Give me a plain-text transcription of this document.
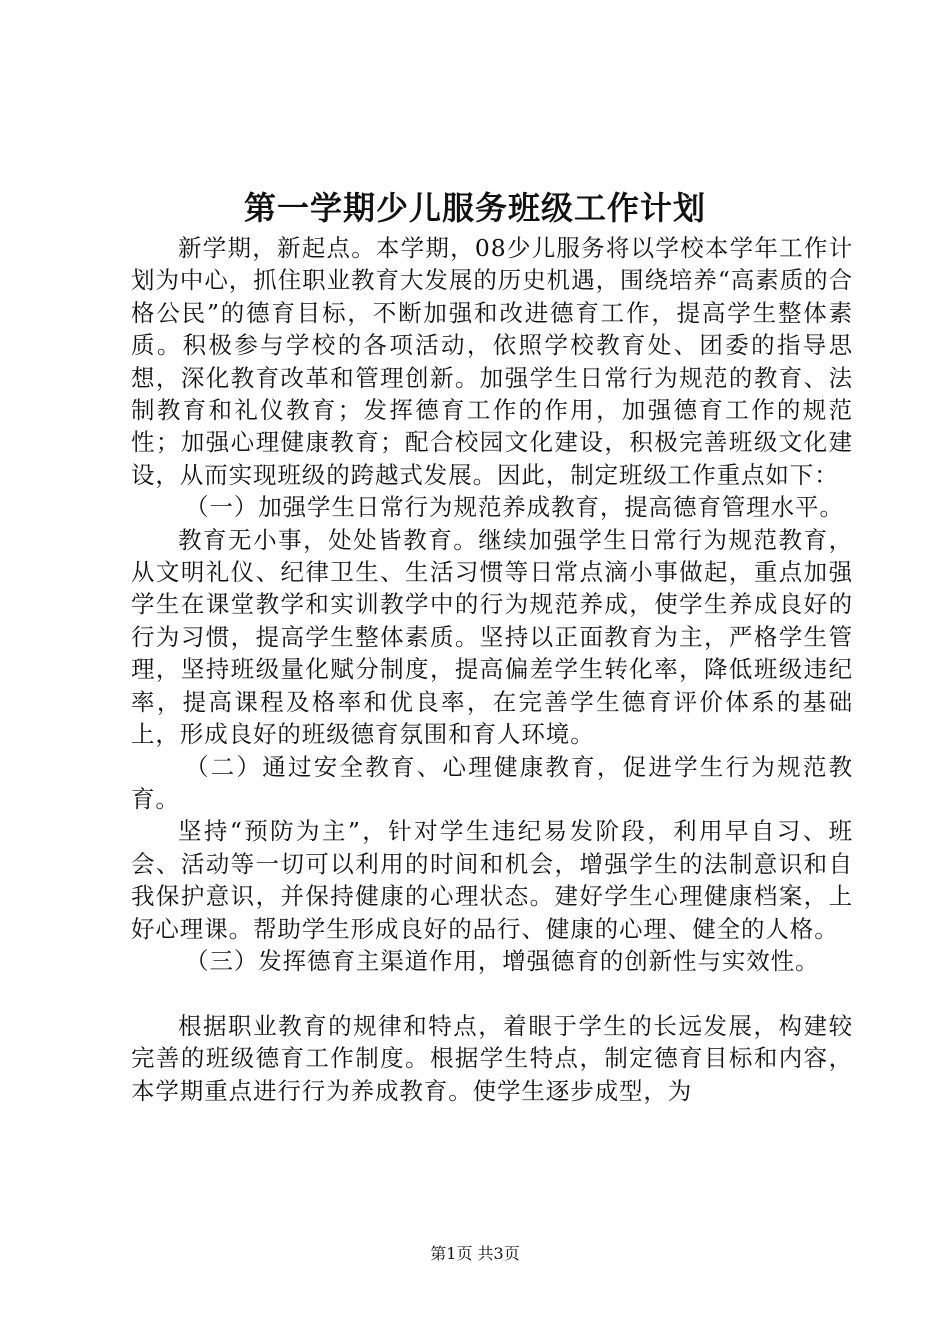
第一学期少儿服务班级工作计划

新学期，新起点。本学期，08少儿服务将以学校本学年工作计划为中心，抓住职业教育大发展的历史机遇，围绕培养“高素质的合格公民”的德育目标，不断加强和改进德育工作，提高学生整体素质。积极参与学校的各项活动，依照学校教育处、团委的指导思想，深化教育改革和管理创新。加强学生日常行为规范的教育、法制教育和礼仪教育；发挥德育工作的作用，加强德育工作的规范性；加强心理健康教育；配合校园文化建设，积极完善班级文化建设，从而实现班级的跨越式发展。因此，制定班级工作重点如下：

（一）加强学生日常行为规范养成教育，提高德育管理水平。

教育无小事，处处皆教育。继续加强学生日常行为规范教育，从文明礼仪、纪律卫生、生活习惯等日常点滴小事做起，重点加强学生在课堂教学和实训教学中的行为规范养成，使学生养成良好的行为习惯，提高学生整体素质。坚持以正面教育为主，严格学生管理，坚持班级量化赋分制度，提高偏差学生转化率，降低班级违纪率，提高课程及格率和优良率，在完善学生德育评价体系的基础上，形成良好的班级德育氛围和育人环境。

（二）通过安全教育、心理健康教育，促进学生行为规范教育。

坚持“预防为主”，针对学生违纪易发阶段，利用早自习、班会、活动等一切可以利用的时间和机会，增强学生的法制意识和自我保护意识，并保持健康的心理状态。建好学生心理健康档案，上好心理课。帮助学生形成良好的品行、健康的心理、健全的人格。

（三）发挥德育主渠道作用，增强德育的创新性与实效性。

根据职业教育的规律和特点，着眼于学生的长远发展，构建较完善的班级德育工作制度。根据学生特点，制定德育目标和内容，本学期重点进行行为养成教育。使学生逐步成型，为

第1页 共3页
